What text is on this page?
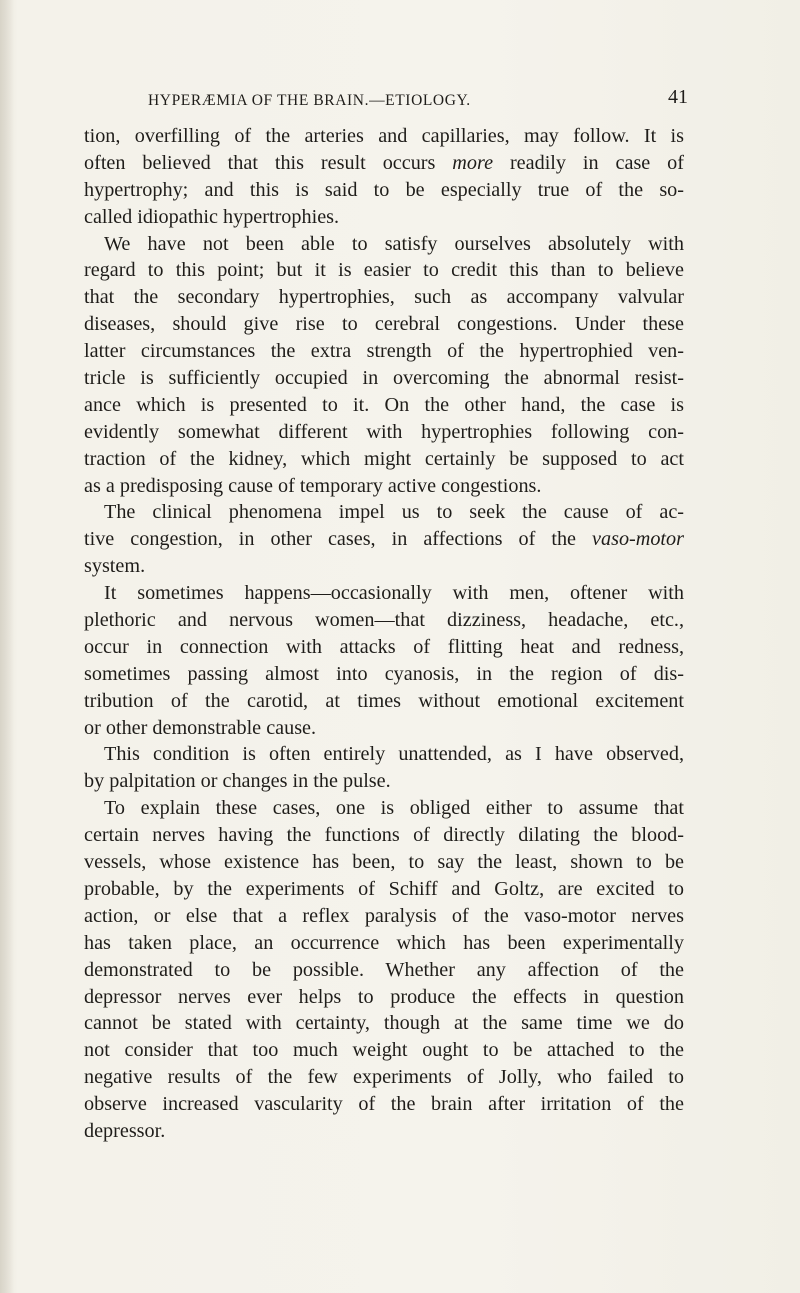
HYPERÆMIA OF THE BRAIN.—ETIOLOGY.	41
tion, overfilling of the arteries and capillaries, may follow. It is
often believed that this result occurs more readily in case of
hypertrophy; and this is said to be especially true of the so-
called idiopathic hypertrophies.
We have not been able to satisfy ourselves absolutely with
regard to this point; but it is easier to credit this than to believe
that the secondary hypertrophies, such as accompany valvular
diseases, should give rise to cerebral congestions. Under these
latter circumstances the extra strength of the hypertrophied ven-
tricle is sufficiently occupied in overcoming the abnormal resist-
ance which is presented to it. On the other hand, the case is
evidently somewhat different with hypertrophies following con-
traction of the kidney, which might certainly be supposed to act
as a predisposing cause of temporary active congestions.
The clinical phenomena impel us to seek the cause of ac-
tive congestion, in other cases, in affections of the vaso-motor
system.
It sometimes happens—occasionally with men, oftener with
plethoric and nervous women—that dizziness, headache, etc.,
occur in connection with attacks of flitting heat and redness,
sometimes passing almost into cyanosis, in the region of dis-
tribution of the carotid, at times without emotional excitement
or other demonstrable cause.
This condition is often entirely unattended, as I have observed,
by palpitation or changes in the pulse.
To explain these cases, one is obliged either to assume that
certain nerves having the functions of directly dilating the blood-
vessels, whose existence has been, to say the least, shown to be
probable, by the experiments of Schiff and Goltz, are excited to
action, or else that a reflex paralysis of the vaso-motor nerves
has taken place, an occurrence which has been experimentally
demonstrated to be possible. Whether any affection of the
depressor nerves ever helps to produce the effects in question
cannot be stated with certainty, though at the same time we do
not consider that too much weight ought to be attached to the
negative results of the few experiments of Jolly, who failed to
observe increased vascularity of the brain after irritation of the
depressor.
